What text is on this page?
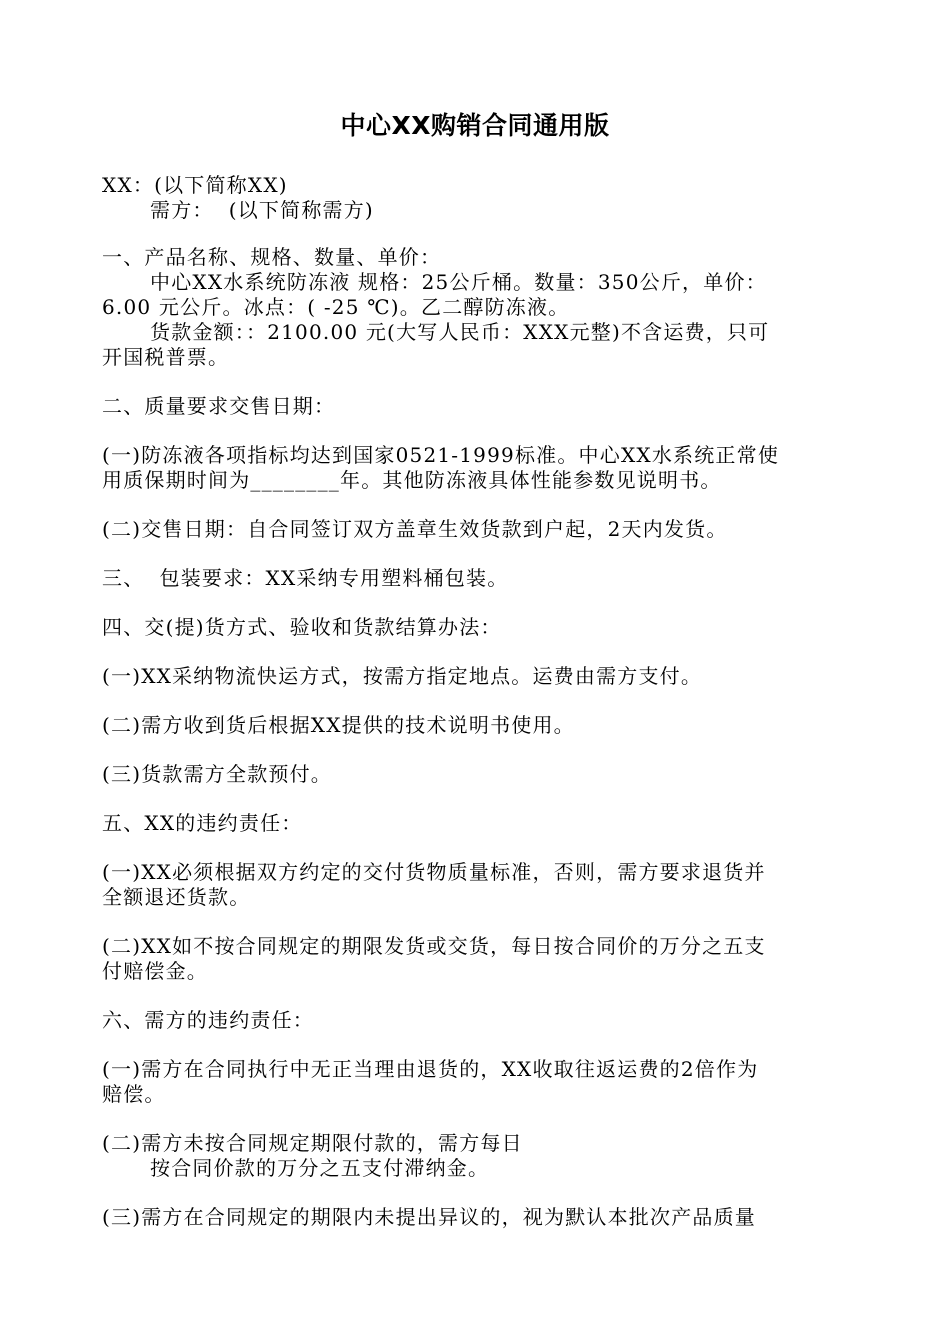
中心XX购销合同通用版
XX：(以下简称XX)
需方：  (以下简称需方)
一、产品名称、规格、数量、单价：
中心XX水系统防冻液 规格：25公斤桶。数量：350公斤，单价：
6.00 元公斤。冰点：( -25 ℃)。乙二醇防冻液。
货款金额：：2100.00 元(大写人民币：XXX元整)不含运费，只可
开国税普票。
二、质量要求交售日期：
(一)防冻液各项指标均达到国家0521-1999标准。中心XX水系统正常使
用质保期时间为________年。其他防冻液具体性能参数见说明书。
(二)交售日期：自合同签订双方盖章生效货款到户起，2天内发货。
三、  包装要求：XX采纳专用塑料桶包装。
四、交(提)货方式、验收和货款结算办法：
(一)XX采纳物流快运方式，按需方指定地点。运费由需方支付。
(二)需方收到货后根据XX提供的技术说明书使用。
(三)货款需方全款预付。
五、XX的违约责任：
(一)XX必须根据双方约定的交付货物质量标准，否则，需方要求退货并
全额退还货款。
(二)XX如不按合同规定的期限发货或交货，每日按合同价的万分之五支
付赔偿金。
六、需方的违约责任：
(一)需方在合同执行中无正当理由退货的，XX收取往返运费的2倍作为
赔偿。
(二)需方未按合同规定期限付款的，需方每日
按合同价款的万分之五支付滞纳金。
(三)需方在合同规定的期限内未提出异议的，视为默认本批次产品质量
